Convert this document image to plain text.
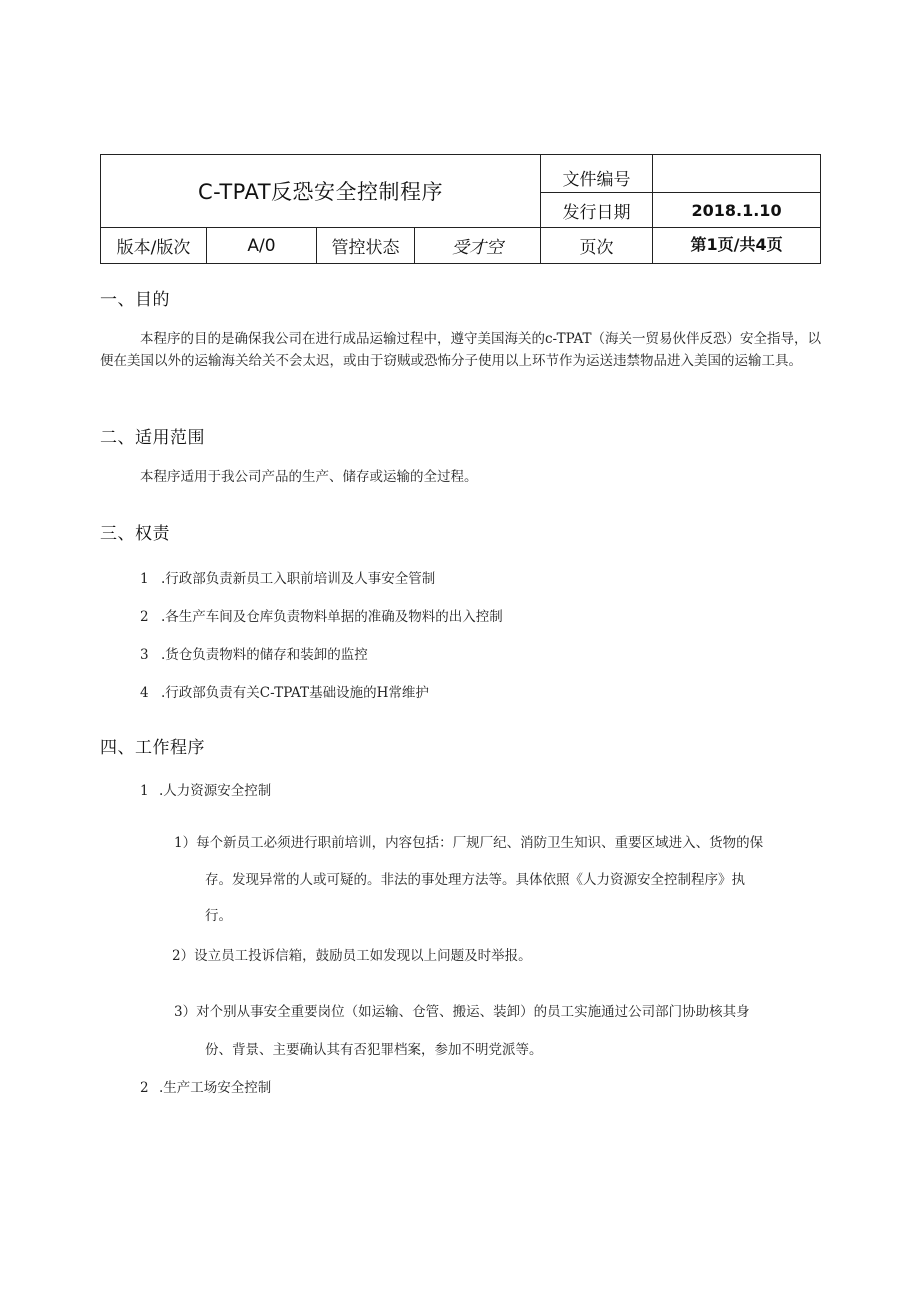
C-TPAT反恐安全控制程序				文件编号	
				发行日期	2018.1.10
版本/版次	A/0	管控状态	受才空	页次	第1页/共4页
一、目的
本程序的目的是确保我公司在进行成品运输过程中，遵守美国海关的c-TPAT（海关一贸易伙伴反恐）安全指导，以便在美国以外的运输海关给关不会太迟，或由于窃贼或恐怖分子使用以上环节作为运送违禁物品进入美国的运输工具。
二、适用范围
本程序适用于我公司产品的生产、储存或运输的全过程。
三、权责
1 .行政部负责新员工入职前培训及人事安全管制
2 .各生产车间及仓库负责物料单据的准确及物料的出入控制
3 .货仓负责物料的储存和装卸的监控
4 .行政部负责有关C-TPAT基础设施的H常维护
四、工作程序
1 .人力资源安全控制
1）每个新员工必须进行职前培训，内容包括：厂规厂纪、消防卫生知识、重要区域进入、货物的保
存。发现异常的人或可疑的。非法的事处理方法等。具体依照《人力资源安全控制程序》执
行。
2）设立员工投诉信箱，鼓励员工如发现以上问题及时举报。
3）对个别从事安全重要岗位（如运输、仓管、搬运、装卸）的员工实施通过公司部门协助核其身
份、背景、主要确认其有否犯罪档案，参加不明党派等。
2 .生产工场安全控制
